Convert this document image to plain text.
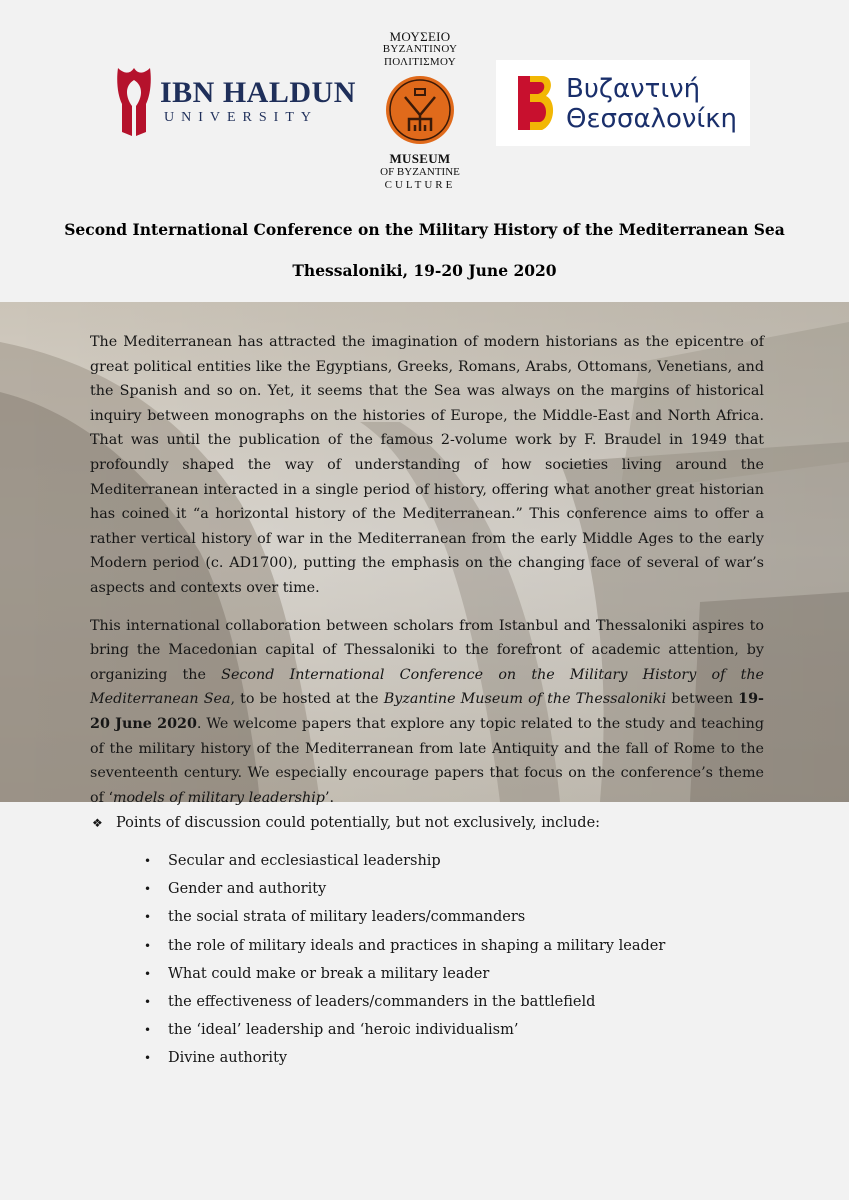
IBN HALDUN
UNIVERSITY
ΜΟΥΣΕΙΟ
ΒΥΖΑΝΤΙΝΟΥ
ΠΟΛΙΤΙΣΜΟΥ
MUSEUM
OF BYZANTINE
CULTURE
Βυζαντινή
Θεσσαλονίκη
Second International Conference on the Military History of the Mediterranean Sea
Thessaloniki, 19-20 June 2020

The Mediterranean has attracted the imagination of modern historians as the epicentre of great political entities like the Egyptians, Greeks, Romans, Arabs, Ottomans, Venetians, and the Spanish and so on. Yet, it seems that the Sea was always on the margins of historical inquiry between monographs on the histories of Europe, the Middle-East and North Africa. That was until the publication of the famous 2-volume work by F. Braudel in 1949 that profoundly shaped the way of understanding of how societies living around the Mediterranean interacted in a single period of history, offering what another great historian has coined it “a horizontal history of the Mediterranean.” This conference aims to offer a rather vertical history of war in the Mediterranean from the early Middle Ages to the early Modern period (c. AD1700), putting the emphasis on the changing face of several of war’s aspects and contexts over time.

This international collaboration between scholars from Istanbul and Thessaloniki aspires to bring the Macedonian capital of Thessaloniki to the forefront of academic attention, by organizing the Second International Conference on the Military History of the Mediterranean Sea, to be hosted at the Byzantine Museum of the Thessaloniki between 19-20 June 2020. We welcome papers that explore any topic related to the study and teaching of the military history of the Mediterranean from late Antiquity and the fall of Rome to the seventeenth century. We especially encourage papers that focus on the conference’s theme of ‘models of military leadership’.

❖ Points of discussion could potentially, but not exclusively, include:
• Secular and ecclesiastical leadership
• Gender and authority
• the social strata of military leaders/commanders
• the role of military ideals and practices in shaping a military leader
• What could make or break a military leader
• the effectiveness of leaders/commanders in the battlefield
• the ‘ideal’ leadership and ‘heroic individualism’
• Divine authority
